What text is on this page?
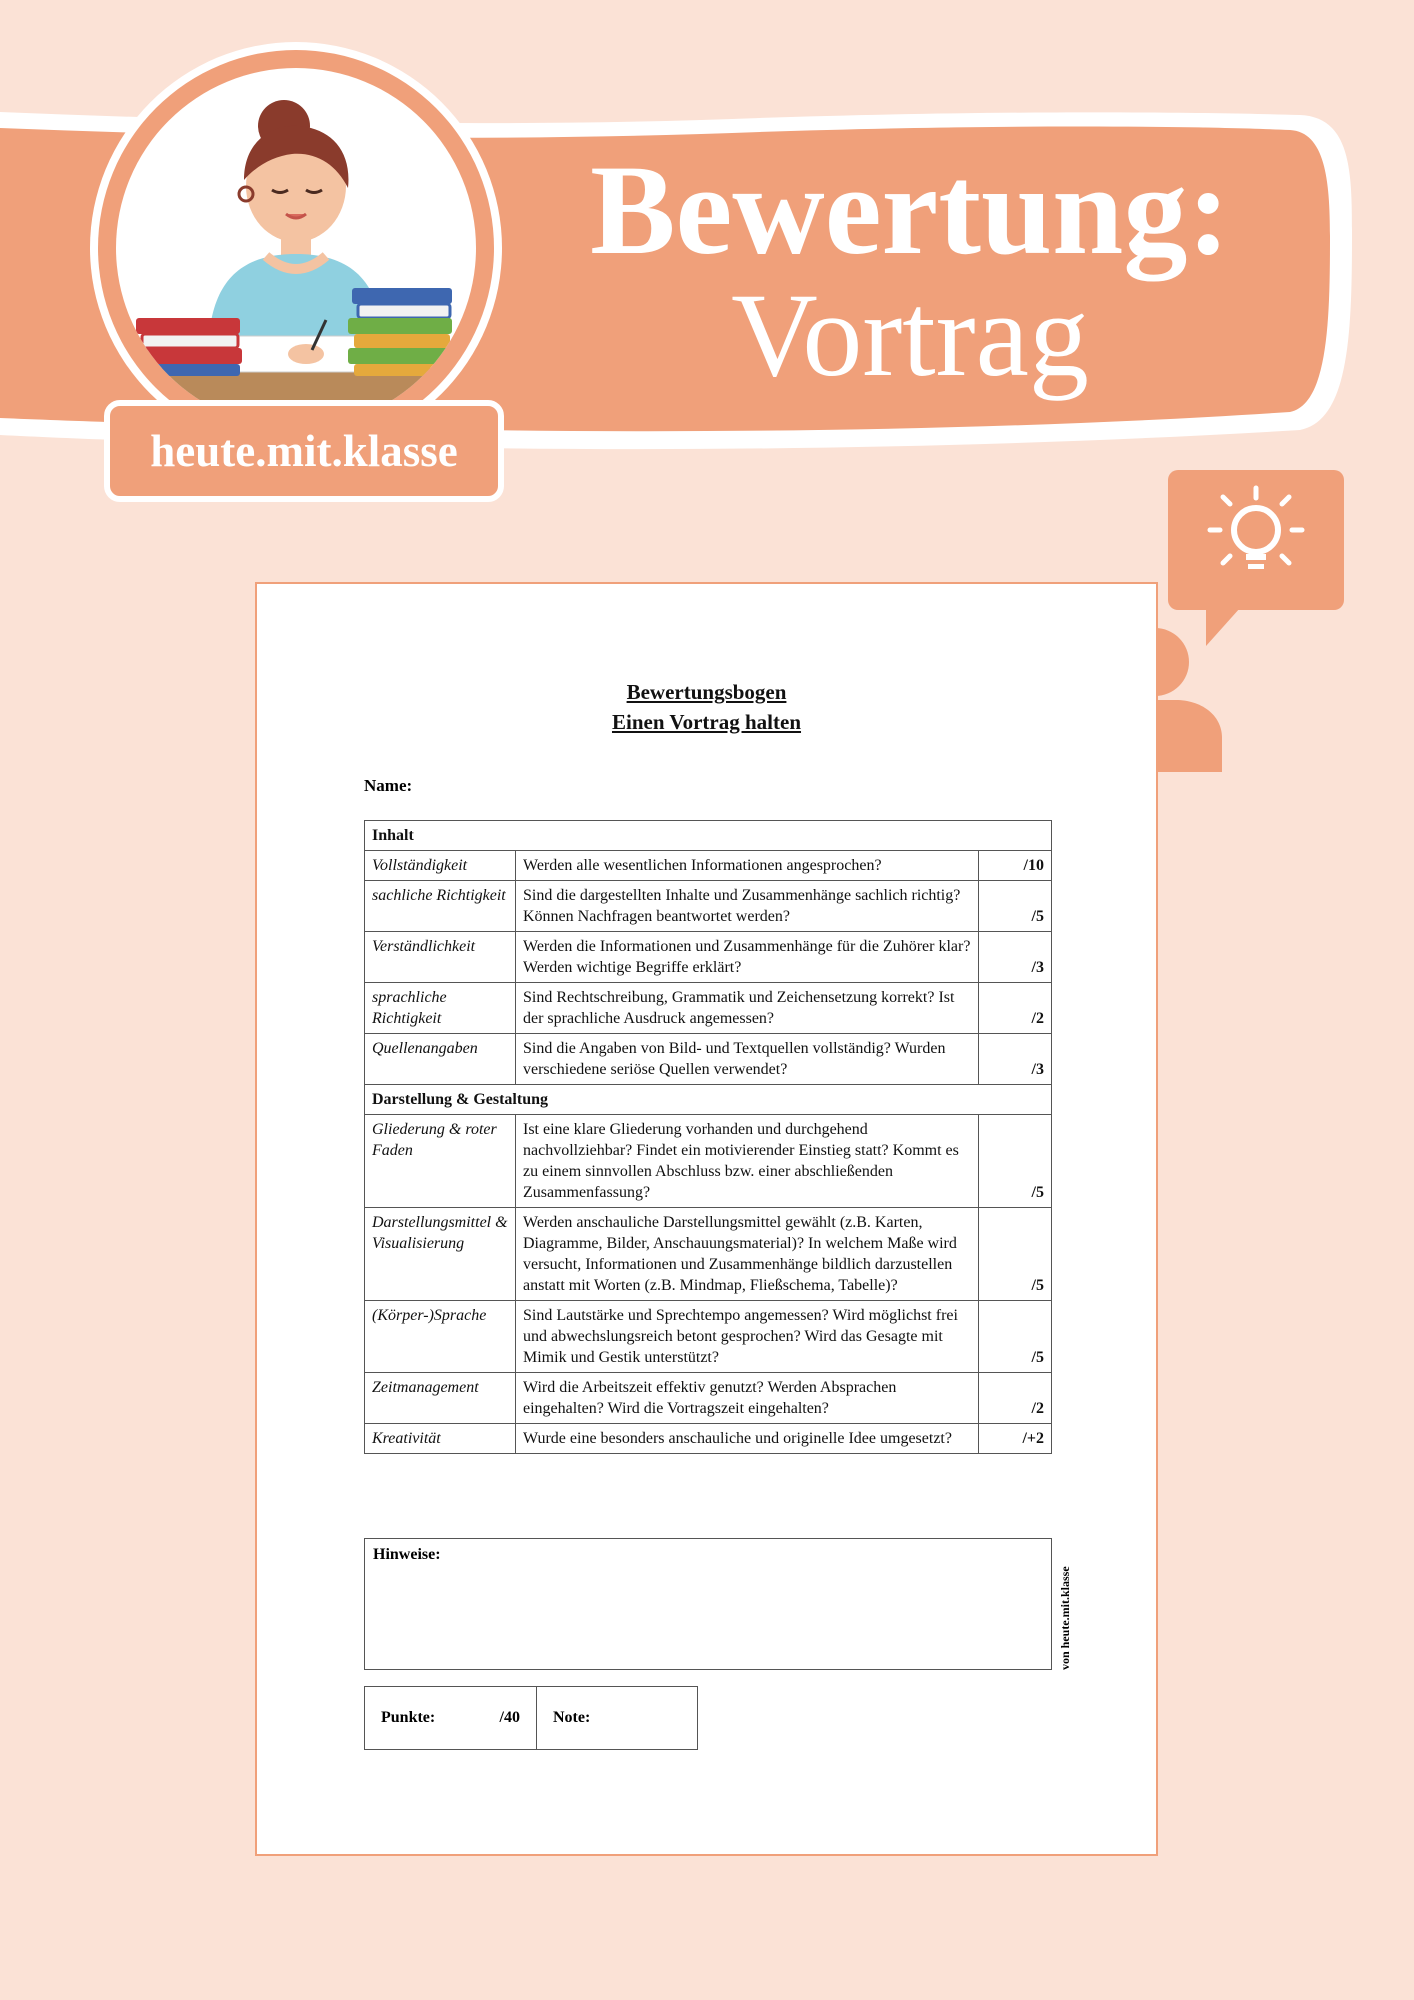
heute.mit.klasse
Bewertung:
Vortrag
Bewertungsbogen
Einen Vortrag halten
Name:
Inhalt		
Vollständigkeit	Werden alle wesentlichen Informationen angesprochen?	/10
sachliche Richtigkeit	Sind die dargestellten Inhalte und Zusammenhänge sachlich richtig? Können Nachfragen beantwortet werden?	/5
Verständlichkeit	Werden die Informationen und Zusammenhänge für die Zuhörer klar? Werden wichtige Begriffe erklärt?	/3
sprachliche Richtigkeit	Sind Rechtschreibung, Grammatik und Zeichensetzung korrekt? Ist der sprachliche Ausdruck angemessen?	/2
Quellenangaben	Sind die Angaben von Bild- und Textquellen vollständig? Wurden verschiedene seriöse Quellen verwendet?	/3
Darstellung & Gestaltung		
Gliederung & roter Faden	Ist eine klare Gliederung vorhanden und durchgehend nachvollziehbar? Findet ein motivierender Einstieg statt? Kommt es zu einem sinnvollen Abschluss bzw. einer abschließenden Zusammenfassung?	/5
Darstellungsmittel & Visualisierung	Werden anschauliche Darstellungsmittel gewählt (z.B. Karten, Diagramme, Bilder, Anschauungsmaterial)? In welchem Maße wird versucht, Informationen und Zusammenhänge bildlich darzustellen anstatt mit Worten (z.B. Mindmap, Fließschema, Tabelle)?	/5
(Körper-)Sprache	Sind Lautstärke und Sprechtempo angemessen? Wird möglichst frei und abwechslungsreich betont gesprochen? Wird das Gesagte mit Mimik und Gestik unterstützt?	/5
Zeitmanagement	Wird die Arbeitszeit effektiv genutzt? Werden Absprachen eingehalten? Wird die Vortragszeit eingehalten?	/2
Kreativität	Wurde eine besonders anschauliche und originelle Idee umgesetzt?	/+2
Hinweise:
von heute.mit.klasse
Punkte:	/40 Note:
